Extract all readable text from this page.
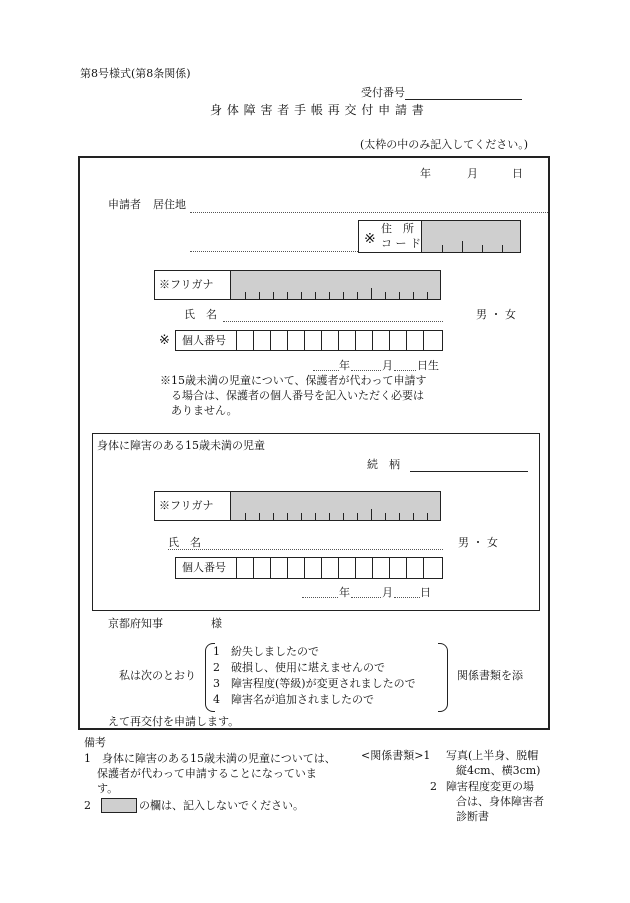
第8号様式(第8条関係)
受付番号
身 体 障 害 者 手 帳 再 交 付 申 請 書
(太枠の中のみ記入してください。)
年	月	日
申請者 居住地
※
住　所
コ ー ド
※フリガナ
氏　名	男 ・ 女
※ 個人番号
年	月 日生
※15歳未満の児童について、保護者が代わって申請す
る場合は、保護者の個人番号を記入いただく必要は
ありません。
身体に障害のある15歳未満の児童
続　柄
※フリガナ
氏　名	男 ・ 女
個人番号
年	月 日
京都府知事	様
私は次のとおり
1　紛失しましたので
2　破損し、使用に堪えませんので
3　障害程度(等級)が変更されましたので
4　障害名が追加されましたので
関係書類を添
えて再交付を申請します。
備考
1　身体に障害のある15歳未満の児童については、
保護者が代わって申請することになっていま
す。
2	の欄は、記入しないでください。
<関係書類>1 写真(上半身、脱帽
縦4cm、横3cm)
2 障害程度変更の場
合は、身体障害者
診断書
